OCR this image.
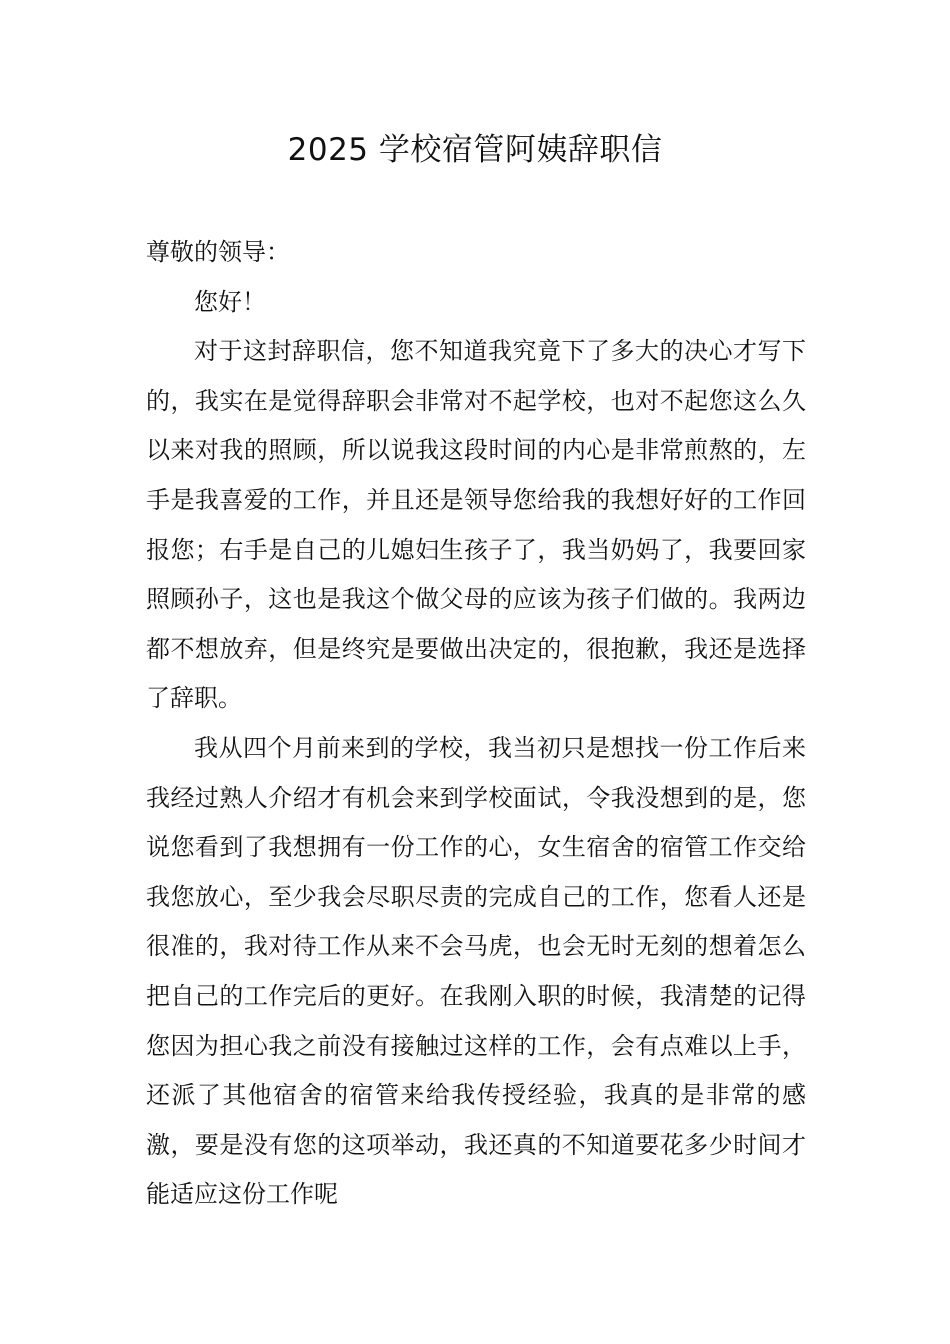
2025 学校宿管阿姨辞职信

尊敬的领导：

您好！

对于这封辞职信，您不知道我究竟下了多大的决心才写下的，我实在是觉得辞职会非常对不起学校，也对不起您这么久以来对我的照顾，所以说我这段时间的内心是非常煎熬的，左手是我喜爱的工作，并且还是领导您给我的我想好好的工作回报您；右手是自己的儿媳妇生孩子了，我当奶妈了，我要回家照顾孙子，这也是我这个做父母的应该为孩子们做的。我两边都不想放弃，但是终究是要做出决定的，很抱歉，我还是选择了辞职。

我从四个月前来到的学校，我当初只是想找一份工作后来我经过熟人介绍才有机会来到学校面试，令我没想到的是，您说您看到了我想拥有一份工作的心，女生宿舍的宿管工作交给我您放心，至少我会尽职尽责的完成自己的工作，您看人还是很准的，我对待工作从来不会马虎，也会无时无刻的想着怎么把自己的工作完后的更好。在我刚入职的时候，我清楚的记得您因为担心我之前没有接触过这样的工作，会有点难以上手，还派了其他宿舍的宿管来给我传授经验，我真的是非常的感激，要是没有您的这项举动，我还真的不知道要花多少时间才能适应这份工作呢
